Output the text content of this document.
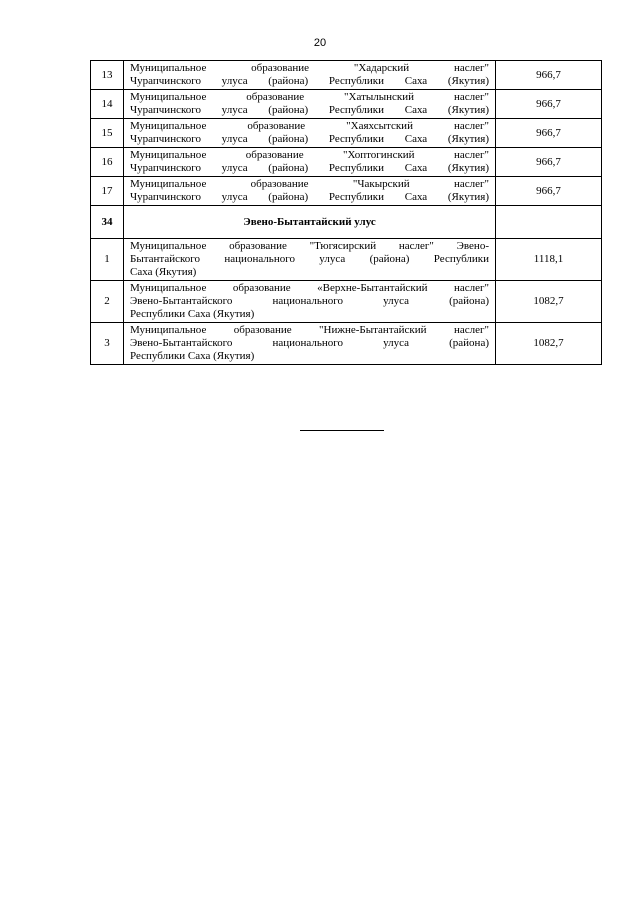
20
13	Муниципальное образование "Хадарский наслег"
Чурапчинского улуса (района) Республики Саха (Якутия)	966,7
14	Муниципальное образование "Хатылынский наслег"
Чурапчинского улуса (района) Республики Саха (Якутия)	966,7
15	Муниципальное образование "Хаяхсытский наслег"
Чурапчинского улуса (района) Республики Саха (Якутия)	966,7
16	Муниципальное образование "Хоптогинский наслег"
Чурапчинского улуса (района) Республики Саха (Якутия)	966,7
17	Муниципальное образование "Чакырский наслег"
Чурапчинского улуса (района) Республики Саха (Якутия)	966,7
34	Эвено-Бытантайский улус	
1	Муниципальное образование "Тюгясирский наслег" Эвено-
Бытантайского национального улуса (района) Республики
Саха (Якутия)	1118,1
2	Муниципальное образование «Верхне-Бытантайский наслег"
Эвено-Бытантайского национального улуса (района)
Республики Саха (Якутия)	1082,7
3	Муниципальное образование "Нижне-Бытантайский наслег"
Эвено-Бытантайского национального улуса (района)
Республики Саха (Якутия)	1082,7
